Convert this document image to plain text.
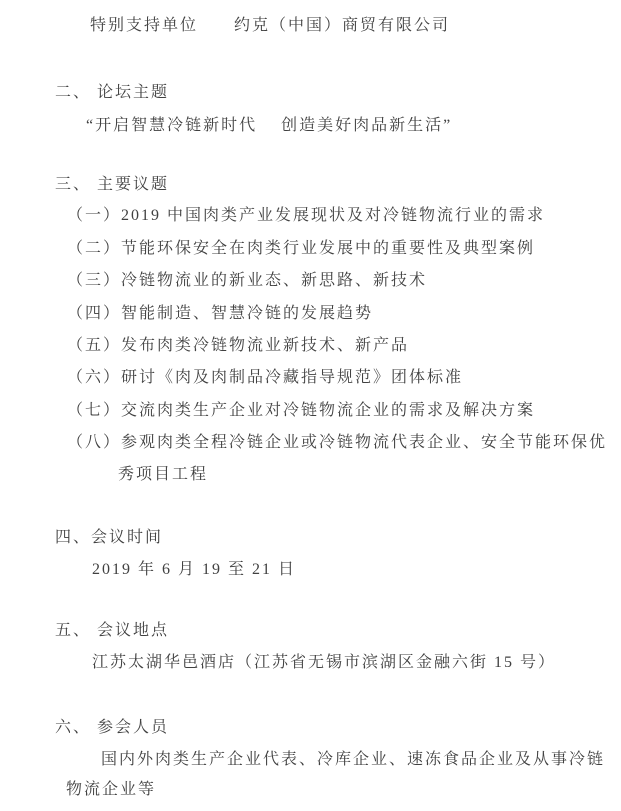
特别支持单位　　约克（中国）商贸有限公司
二、 论坛主题
“开启智慧冷链新时代　 创造美好肉品新生活”
三、 主要议题
（一）2019 中国肉类产业发展现状及对冷链物流行业的需求
（二）节能环保安全在肉类行业发展中的重要性及典型案例
（三）冷链物流业的新业态、新思路、新技术
（四）智能制造、智慧冷链的发展趋势
（五）发布肉类冷链物流业新技术、新产品
（六）研讨《肉及肉制品冷藏指导规范》团体标准
（七）交流肉类生产企业对冷链物流企业的需求及解决方案
（八）参观肉类全程冷链企业或冷链物流代表企业、安全节能环保优
秀项目工程
四、会议时间
2019 年 6 月 19 至 21 日
五、 会议地点
江苏太湖华邑酒店（江苏省无锡市滨湖区金融六街 15 号）
六、 参会人员
国内外肉类生产企业代表、冷库企业、速冻食品企业及从事冷链
物流企业等
